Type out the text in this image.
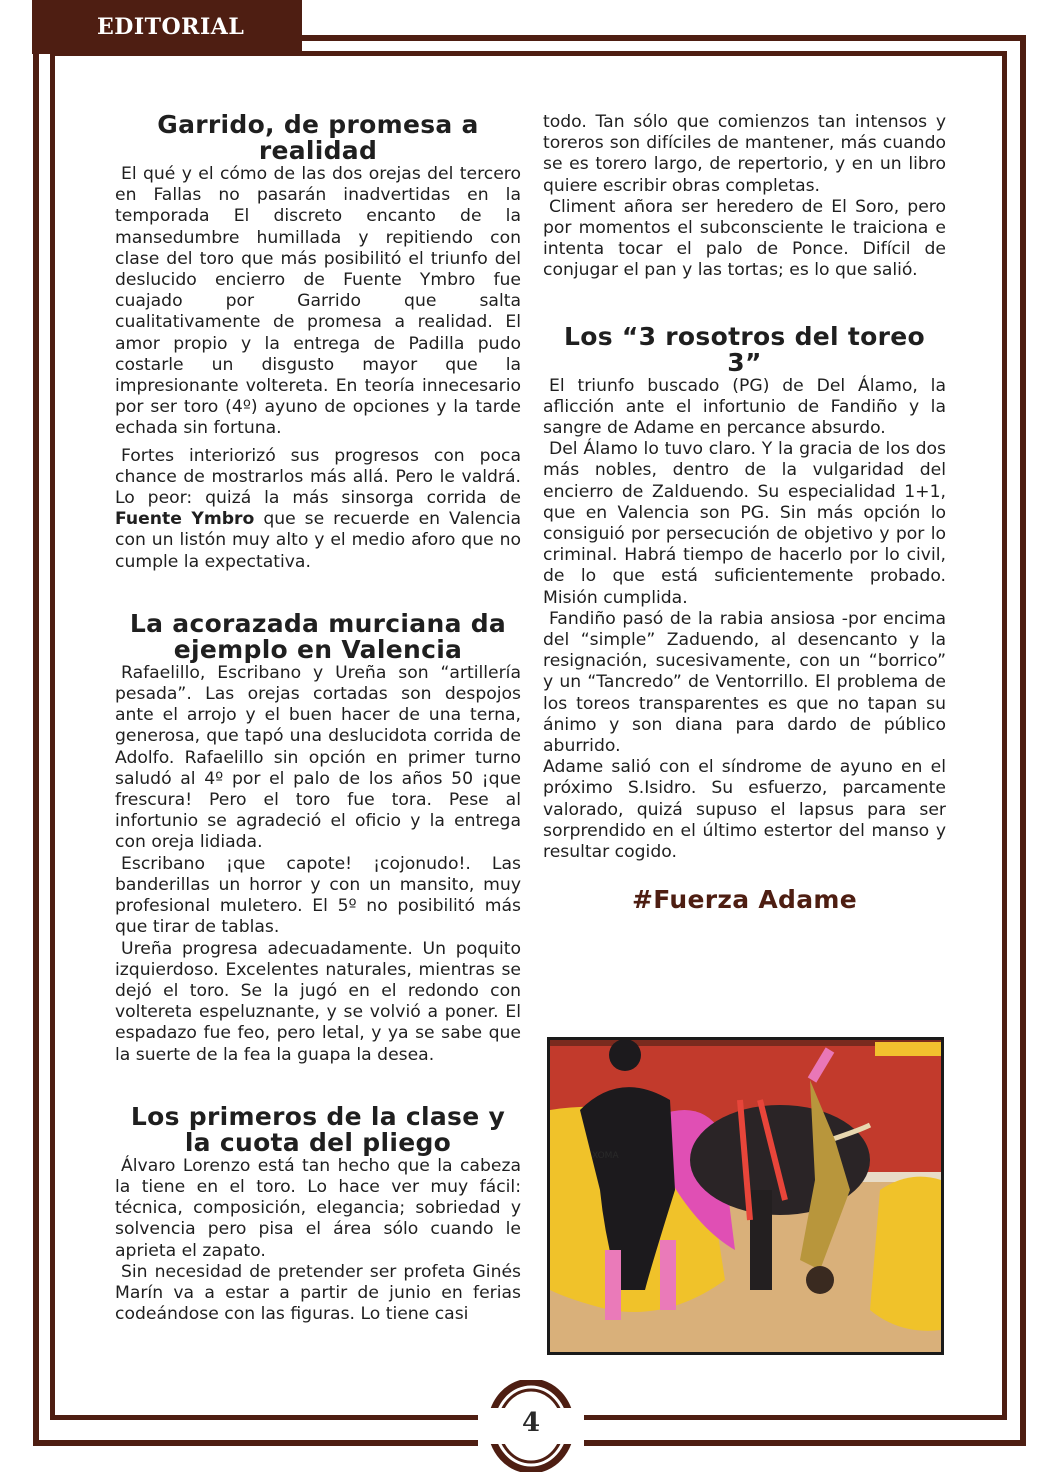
EDITORIAL
Garrido, de promesa a realidad

El qué y el cómo de las dos orejas del tercero en Fallas no pasarán inadvertidas en la temporada El discreto encanto de la mansedumbre humillada y repitiendo con clase del toro que más posibilitó el triunfo del deslucido encierro de Fuente Ymbro fue cuajado por Garrido que salta cualitativamente de promesa a realidad. El amor propio y la entrega de Padilla pudo costarle un disgusto mayor que la impresionante voltereta. En teoría innecesario por ser toro (4º) ayuno de opciones y la tarde echada sin fortuna.

Fortes interiorizó sus progresos con poca chance de mostrarlos más allá. Pero le valdrá. Lo peor: quizá la más sinsorga corrida de Fuente Ymbro que se recuerde en Valencia con un listón muy alto y el medio aforo que no cumple la expectativa.

La acorazada murciana da ejemplo en Valencia

Rafaelillo, Escribano y Ureña son “artillería pesada”. Las orejas cortadas son despojos ante el arrojo y el buen hacer de una terna, generosa, que tapó una deslucidota corrida de Adolfo. Rafaelillo sin opción en primer turno saludó al 4º por el palo de los años 50 ¡que frescura! Pero el toro fue tora. Pese al infortunio se agradeció el oficio y la entrega con oreja lidiada.

Escribano ¡que capote! ¡cojonudo!. Las banderillas un horror y con un mansito, muy profesional muletero. El 5º no posibilitó más que tirar de tablas.

Ureña progresa adecuadamente. Un poquito izquierdoso. Excelentes naturales, mientras se dejó el toro. Se la jugó en el redondo con voltereta espeluznante, y se volvió a poner. El espadazo fue feo, pero letal, y ya se sabe que la suerte de la fea la guapa la desea.

Los primeros de la clase y la cuota del pliego

Álvaro Lorenzo está tan hecho que la cabeza la tiene en el toro. Lo hace ver muy fácil: técnica, composición, elegancia; sobriedad y solvencia pero pisa el área sólo cuando le aprieta el zapato.

Sin necesidad de pretender ser profeta Ginés Marín va a estar a partir de junio en ferias codeándose con las figuras. Lo tiene casi

todo. Tan sólo que comienzos tan intensos y toreros son difíciles de mantener, más cuando se es torero largo, de repertorio, y en un libro quiere escribir obras completas.

Climent añora ser heredero de El Soro, pero por momentos el subconsciente le traiciona e intenta tocar el palo de Ponce. Difícil de conjugar el pan y las tortas; es lo que salió.

Los “3 rosotros del toreo 3”

El triunfo buscado (PG) de Del Álamo, la aflicción ante el infortunio de Fandiño y la sangre de Adame en percance absurdo.

Del Álamo lo tuvo claro. Y la gracia de los dos más nobles, dentro de la vulgaridad del encierro de Zalduendo. Su especialidad 1+1, que en Valencia son PG. Sin más opción lo consiguió por persecución de objetivo y por lo criminal. Habrá tiempo de hacerlo por lo civil, de lo que está suficientemente probado. Misión cumplida.

Fandiño pasó de la rabia ansiosa -por encima del “simple” Zaduendo, al desencanto y la resignación, sucesivamente, con un “borrico” y un “Tancredo” de Ventorrillo. El problema de los toreos transparentes es que no tapan su ánimo y son diana para dardo de público aburrido.

Adame salió con el síndrome de ayuno en el próximo S.Isidro. Su esfuerzo, parcamente valorado, quizá supuso el lapsus para ser sorprendido en el último estertor del manso y resultar cogido.

#Fuerza Adame
XOMA
4
